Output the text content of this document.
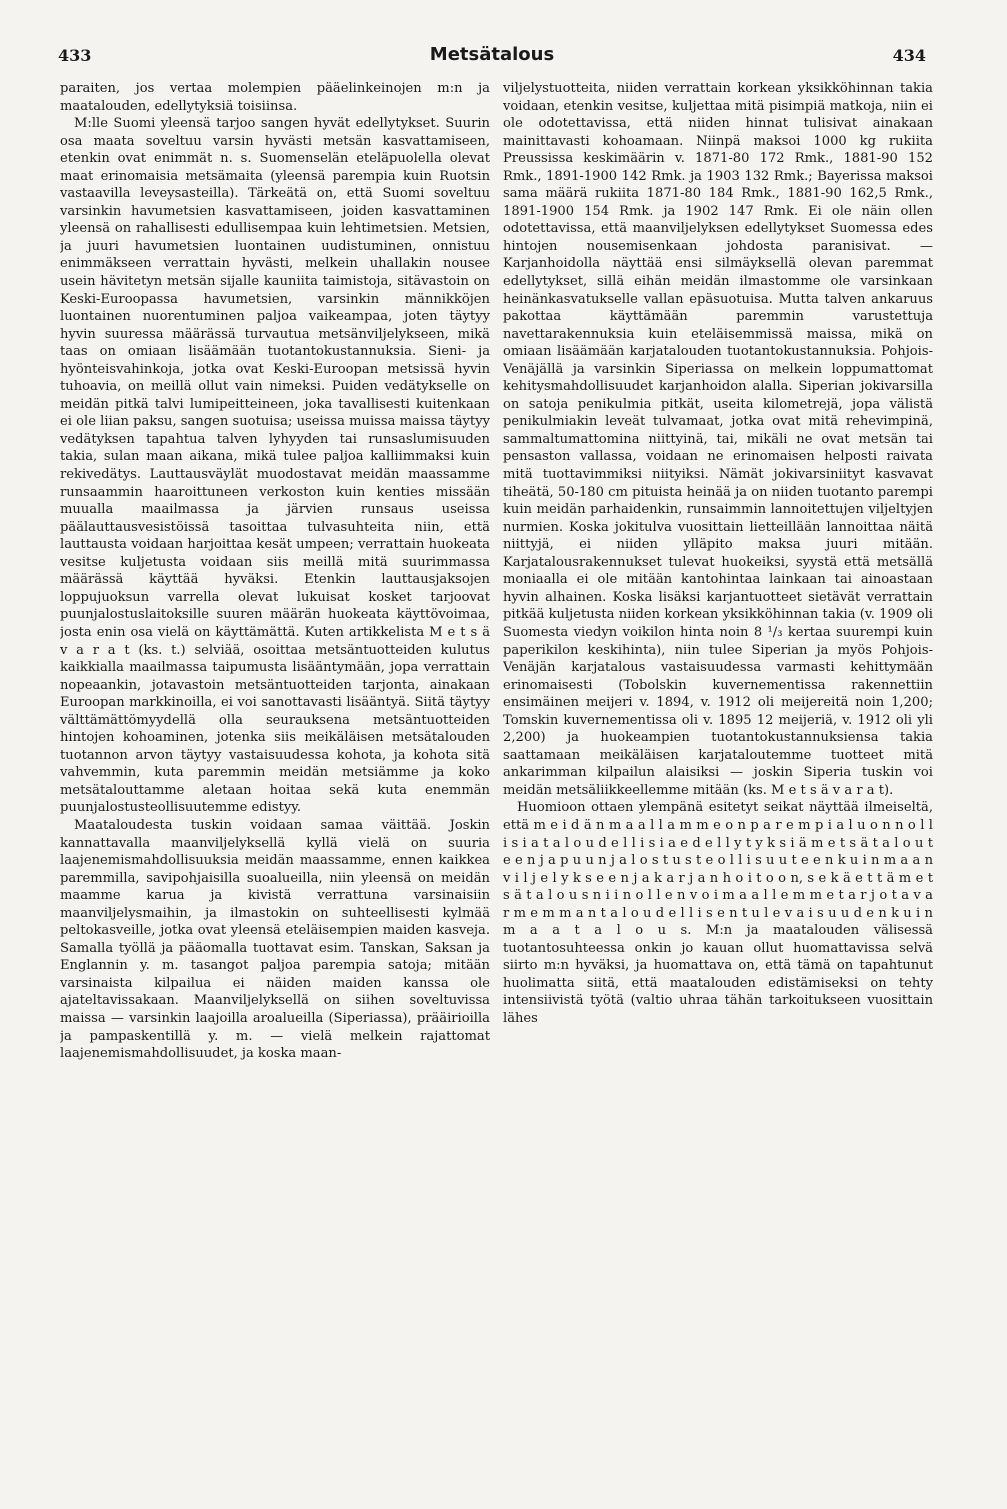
433	Metsätalous	434

paraiten, jos vertaa molempien pääelinkeinojen m:n ja maatalouden, edellytyksiä toisiinsa.

M:lle Suomi yleensä tarjoo sangen hyvät edellytykset. Suurin osa maata soveltuu varsin hyvästi metsän kasvattamiseen, etenkin ovat enimmät n. s. Suomenselän eteläpuolella olevat maat erinomaisia metsämaita (yleensä parempia kuin Ruotsin vastaavilla leveysasteilla). Tärkeätä on, että Suomi soveltuu varsinkin havumetsien kasvattamiseen, joiden kasvattaminen yleensä on rahallisesti edullisempaa kuin lehtimetsien. Metsien, ja juuri havumetsien luontainen uudistuminen, onnistuu enimmäkseen verrattain hyvästi, melkein uhallakin nousee usein hävitetyn metsän sijalle kauniita taimistoja, sitävastoin on Keski-Euroopassa havumetsien, varsinkin männikköjen luontainen nuorentuminen paljoa vaikeampaa, joten täytyy hyvin suuressa määrässä turvautua metsänviljelykseen, mikä taas on omiaan lisäämään tuotantokustannuksia. Sieni- ja hyönteisvahinkoja, jotka ovat Keski-Euroopan metsissä hyvin tuhoavia, on meillä ollut vain nimeksi. Puiden vedätykselle on meidän pitkä talvi lumipeitteineen, joka tavallisesti kuitenkaan ei ole liian paksu, sangen suotuisa; useissa muissa maissa täytyy vedätyksen tapahtua talven lyhyyden tai runsaslumisuuden takia, sulan maan aikana, mikä tulee paljoa kalliimmaksi kuin rekivedätys. Lauttausväylät muodostavat meidän maassamme runsaammin haaroittuneen verkoston kuin kenties missään muualla maailmassa ja järvien runsaus useissa päälauttausvesistöissä tasoittaa tulvasuhteita niin, että lauttausta voidaan harjoittaa kesät umpeen; verrattain huokeata vesitse kuljetusta voidaan siis meillä mitä suurimmassa määrässä käyttää hyväksi. Etenkin lauttausjaksojen loppujuoksun varrella olevat lukuisat kosket tarjoovat puunjalostuslaitoksille suuren määrän huokeata käyttövoimaa, josta enin osa vielä on käyttämättä. Kuten artikkelista M e t s ä v a r a t (ks. t.) selviää, osoittaa metsäntuotteiden kulutus kaikkialla maailmassa taipumusta lisääntymään, jopa verrattain nopeaankin, jotavastoin metsäntuotteiden tarjonta, ainakaan Euroopan markkinoilla, ei voi sanottavasti lisääntyä. Siitä täytyy välttämättömyydellä olla seurauksena metsäntuotteiden hintojen kohoaminen, jotenka siis meikäläisen metsätalouden tuotannon arvon täytyy vastaisuudessa kohota, ja kohota sitä vahvemmin, kuta paremmin meidän metsiämme ja koko metsätalouttamme aletaan hoitaa sekä kuta enemmän puunjalostusteollisuutemme edistyy.

Maataloudesta tuskin voidaan samaa väittää. Joskin kannattavalla maanviljelyksellä kyllä vielä on suuria laajenemismahdollisuuksia meidän maassamme, ennen kaikkea paremmilla, savipohjaisilla suoalueilla, niin yleensä on meidän maamme karua ja kivistä verrattuna varsinaisiin maanviljelysmaihin, ja ilmastokin on suhteellisesti kylmää peltokasveille, jotka ovat yleensä eteläisempien maiden kasveja. Samalla työllä ja pääomalla tuottavat esim. Tanskan, Saksan ja Englannin y. m. tasangot paljoa parempia satoja; mitään varsinaista kilpailua ei näiden maiden kanssa ole ajateltavissakaan. Maanviljelyksellä on siihen soveltuvissa maissa — varsinkin laajoilla aroalueilla (Siperiassa), prääirioilla ja pampaskentillä y. m. — vielä melkein rajattomat laajenemismahdollisuudet, ja koska maan-

viljelystuotteita, niiden verrattain korkean yksikköhinnan takia voidaan, etenkin vesitse, kuljettaa mitä pisimpiä matkoja, niin ei ole odotettavissa, että niiden hinnat tulisivat ainakaan mainittavasti kohoamaan. Niinpä maksoi 1000 kg rukiita Preussissa keskimäärin v. 1871-80 172 Rmk., 1881-90 152 Rmk., 1891-1900 142 Rmk. ja 1903 132 Rmk.; Bayerissa maksoi sama määrä rukiita 1871-80 184 Rmk., 1881-90 162,5 Rmk., 1891-1900 154 Rmk. ja 1902 147 Rmk. Ei ole näin ollen odotettavissa, että maanviljelyksen edellytykset Suomessa edes hintojen nousemisenkaan johdosta paranisivat. — Karjanhoidolla näyttää ensi silmäyksellä olevan paremmat edellytykset, sillä eihän meidän ilmastomme ole varsinkaan heinänkasvatukselle vallan epäsuotuisa. Mutta talven ankaruus pakottaa käyttämään paremmin varustettuja navettarakennuksia kuin eteläisemmissä maissa, mikä on omiaan lisäämään karjatalouden tuotantokustannuksia. Pohjois-Venäjällä ja varsinkin Siperiassa on melkein loppumattomat kehitysmahdollisuudet karjanhoidon alalla. Siperian jokivarsilla on satoja penikulmia pitkät, useita kilometrejä, jopa välistä penikulmiakin leveät tulvamaat, jotka ovat mitä rehevimpinä, sammaltumattomina niittyinä, tai, mikäli ne ovat metsän tai pensaston vallassa, voidaan ne erinomaisen helposti raivata mitä tuottavimmiksi niityiksi. Nämät jokivarsiniityt kasvavat tiheätä, 50-180 cm pituista heinää ja on niiden tuotanto parempi kuin meidän parhaidenkin, runsaimmin lannoitettujen viljeltyjen nurmien. Koska jokitulva vuosittain lietteillään lannoittaa näitä niittyjä, ei niiden ylläpito maksa juuri mitään. Karjatalousrakennukset tulevat huokeiksi, syystä että metsällä moniaalla ei ole mitään kantohintaa lainkaan tai ainoastaan hyvin alhainen. Koska lisäksi karjantuotteet sietävät verrattain pitkää kuljetusta niiden korkean yksikköhinnan takia (v. 1909 oli Suomesta viedyn voikilon hinta noin 8 ¹/₃ kertaa suurempi kuin paperikilon keskihinta), niin tulee Siperian ja myös Pohjois-Venäjän karjatalous vastaisuudessa varmasti kehittymään erinomaisesti (Tobolskin kuvernementissa rakennettiin ensimäinen meijeri v. 1894, v. 1912 oli meijereitä noin 1,200; Tomskin kuvernementissa oli v. 1895 12 meijeriä, v. 1912 oli yli 2,200) ja huokeampien tuotantokustannuksiensa takia saattamaan meikäläisen karjataloutemme tuotteet mitä ankarimman kilpailun alaisiksi — joskin Siperia tuskin voi meidän metsäliikkeellemme mitään (ks. M e t s ä v a r a t).

Huomioon ottaen ylempänä esitetyt seikat näyttää ilmeiseltä, että m e i d ä n m a a l l a m m e o n p a r e m p i a l u o n n o l l i s i a t a l o u d e l l i s i a e d e l l y t y k s i ä m e t s ä t a l o u t e e n j a p u u n j a l o s t u s t e o l l i s u u t e e n k u i n m a a n v i l j e l y k s e e n j a k a r j a n h o i t o o n, s e k ä e t t ä m e t s ä t a l o u s n i i n o l l e n v o i m a a l l e m m e t a r j o t a v a r m e m m a n t a l o u d e l l i s e n t u l e v a i s u u d e n k u i n m a a t a l o u s. M:n ja maatalouden välisessä tuotantosuhteessa onkin jo kauan ollut huomattavissa selvä siirto m:n hyväksi, ja huomattava on, että tämä on tapahtunut huolimatta siitä, että maatalouden edistämiseksi on tehty intensiivistä työtä (valtio uhraa tähän tarkoitukseen vuosittain lähes
